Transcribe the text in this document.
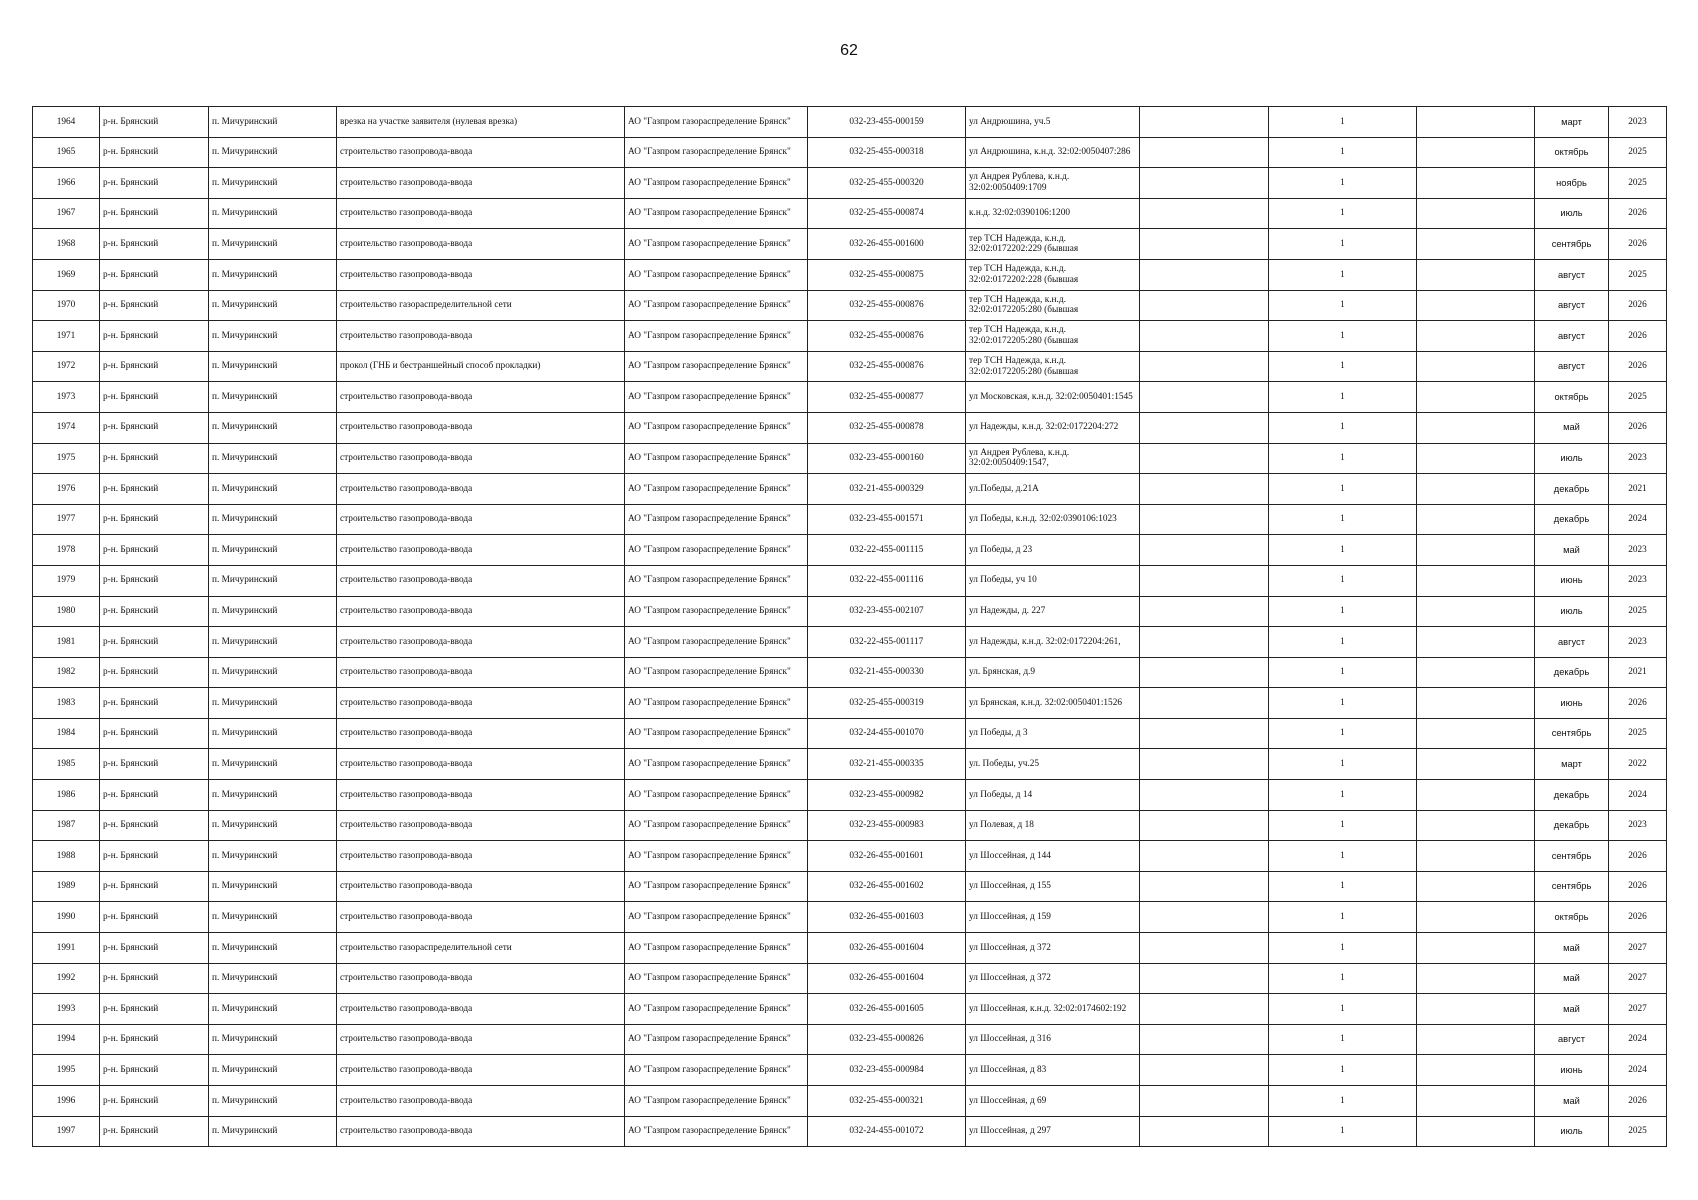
62
1964	р-н. Брянский	п. Мичуринский	врезка на участке заявителя (нулевая врезка)	АО "Газпром газораспределение Брянск"	032-23-455-000159	ул Андрюшина, уч.5		1		март	2023
1965	р-н. Брянский	п. Мичуринский	строительство газопровода-ввода	АО "Газпром газораспределение Брянск"	032-25-455-000318	ул Андрюшина, к.н.д. 32:02:0050407:286		1		октябрь	2025
1966	р-н. Брянский	п. Мичуринский	строительство газопровода-ввода	АО "Газпром газораспределение Брянск"	032-25-455-000320	ул Андрея Рублева, к.н.д. 32:02:0050409:1709		1		ноябрь	2025
1967	р-н. Брянский	п. Мичуринский	строительство газопровода-ввода	АО "Газпром газораспределение Брянск"	032-25-455-000874	к.н.д. 32:02:0390106:1200		1		июль	2026
1968	р-н. Брянский	п. Мичуринский	строительство газопровода-ввода	АО "Газпром газораспределение Брянск"	032-26-455-001600	тер ТСН Надежда, к.н.д. 32:02:0172202:229 (бывшая		1		сентябрь	2026
1969	р-н. Брянский	п. Мичуринский	строительство газопровода-ввода	АО "Газпром газораспределение Брянск"	032-25-455-000875	тер ТСН Надежда, к.н.д. 32:02:0172202:228 (бывшая		1		август	2025
1970	р-н. Брянский	п. Мичуринский	строительство газораспределительной сети	АО "Газпром газораспределение Брянск"	032-25-455-000876	тер ТСН Надежда, к.н.д. 32:02:0172205:280 (бывшая		1		август	2026
1971	р-н. Брянский	п. Мичуринский	строительство газопровода-ввода	АО "Газпром газораспределение Брянск"	032-25-455-000876	тер ТСН Надежда, к.н.д. 32:02:0172205:280 (бывшая		1		август	2026
1972	р-н. Брянский	п. Мичуринский	прокол (ГНБ и бестраншейный способ прокладки)	АО "Газпром газораспределение Брянск"	032-25-455-000876	тер ТСН Надежда, к.н.д. 32:02:0172205:280 (бывшая		1		август	2026
1973	р-н. Брянский	п. Мичуринский	строительство газопровода-ввода	АО "Газпром газораспределение Брянск"	032-25-455-000877	ул Московская, к.н.д. 32:02:0050401:1545		1		октябрь	2025
1974	р-н. Брянский	п. Мичуринский	строительство газопровода-ввода	АО "Газпром газораспределение Брянск"	032-25-455-000878	ул Надежды, к.н.д. 32:02:0172204:272		1		май	2026
1975	р-н. Брянский	п. Мичуринский	строительство газопровода-ввода	АО "Газпром газораспределение Брянск"	032-23-455-000160	ул Андрея Рублева, к.н.д. 32:02:0050409:1547,		1		июль	2023
1976	р-н. Брянский	п. Мичуринский	строительство газопровода-ввода	АО "Газпром газораспределение Брянск"	032-21-455-000329	ул.Победы, д.21А		1		декабрь	2021
1977	р-н. Брянский	п. Мичуринский	строительство газопровода-ввода	АО "Газпром газораспределение Брянск"	032-23-455-001571	ул Победы, к.н.д. 32:02:0390106:1023		1		декабрь	2024
1978	р-н. Брянский	п. Мичуринский	строительство газопровода-ввода	АО "Газпром газораспределение Брянск"	032-22-455-001115	ул Победы, д 23		1		май	2023
1979	р-н. Брянский	п. Мичуринский	строительство газопровода-ввода	АО "Газпром газораспределение Брянск"	032-22-455-001116	ул Победы, уч 10		1		июнь	2023
1980	р-н. Брянский	п. Мичуринский	строительство газопровода-ввода	АО "Газпром газораспределение Брянск"	032-23-455-002107	ул Надежды, д. 227		1		июль	2025
1981	р-н. Брянский	п. Мичуринский	строительство газопровода-ввода	АО "Газпром газораспределение Брянск"	032-22-455-001117	ул Надежды, к.н.д. 32:02:0172204:261,		1		август	2023
1982	р-н. Брянский	п. Мичуринский	строительство газопровода-ввода	АО "Газпром газораспределение Брянск"	032-21-455-000330	ул. Брянская, д.9		1		декабрь	2021
1983	р-н. Брянский	п. Мичуринский	строительство газопровода-ввода	АО "Газпром газораспределение Брянск"	032-25-455-000319	ул Брянская, к.н.д. 32:02:0050401:1526		1		июнь	2026
1984	р-н. Брянский	п. Мичуринский	строительство газопровода-ввода	АО "Газпром газораспределение Брянск"	032-24-455-001070	ул Победы, д 3		1		сентябрь	2025
1985	р-н. Брянский	п. Мичуринский	строительство газопровода-ввода	АО "Газпром газораспределение Брянск"	032-21-455-000335	ул. Победы, уч.25		1		март	2022
1986	р-н. Брянский	п. Мичуринский	строительство газопровода-ввода	АО "Газпром газораспределение Брянск"	032-23-455-000982	ул Победы, д 14		1		декабрь	2024
1987	р-н. Брянский	п. Мичуринский	строительство газопровода-ввода	АО "Газпром газораспределение Брянск"	032-23-455-000983	ул Полевая, д 18		1		декабрь	2023
1988	р-н. Брянский	п. Мичуринский	строительство газопровода-ввода	АО "Газпром газораспределение Брянск"	032-26-455-001601	ул Шоссейная, д 144		1		сентябрь	2026
1989	р-н. Брянский	п. Мичуринский	строительство газопровода-ввода	АО "Газпром газораспределение Брянск"	032-26-455-001602	ул Шоссейная, д 155		1		сентябрь	2026
1990	р-н. Брянский	п. Мичуринский	строительство газопровода-ввода	АО "Газпром газораспределение Брянск"	032-26-455-001603	ул Шоссейная, д 159		1		октябрь	2026
1991	р-н. Брянский	п. Мичуринский	строительство газораспределительной сети	АО "Газпром газораспределение Брянск"	032-26-455-001604	ул Шоссейная, д 372		1		май	2027
1992	р-н. Брянский	п. Мичуринский	строительство газопровода-ввода	АО "Газпром газораспределение Брянск"	032-26-455-001604	ул Шоссейная, д 372		1		май	2027
1993	р-н. Брянский	п. Мичуринский	строительство газопровода-ввода	АО "Газпром газораспределение Брянск"	032-26-455-001605	ул Шоссейная, к.н.д. 32:02:0174602:192		1		май	2027
1994	р-н. Брянский	п. Мичуринский	строительство газопровода-ввода	АО "Газпром газораспределение Брянск"	032-23-455-000826	ул Шоссейная, д 316		1		август	2024
1995	р-н. Брянский	п. Мичуринский	строительство газопровода-ввода	АО "Газпром газораспределение Брянск"	032-23-455-000984	ул Шоссейная, д 83		1		июнь	2024
1996	р-н. Брянский	п. Мичуринский	строительство газопровода-ввода	АО "Газпром газораспределение Брянск"	032-25-455-000321	ул Шоссейная, д 69		1		май	2026
1997	р-н. Брянский	п. Мичуринский	строительство газопровода-ввода	АО "Газпром газораспределение Брянск"	032-24-455-001072	ул Шоссейная, д 297		1		июль	2025
